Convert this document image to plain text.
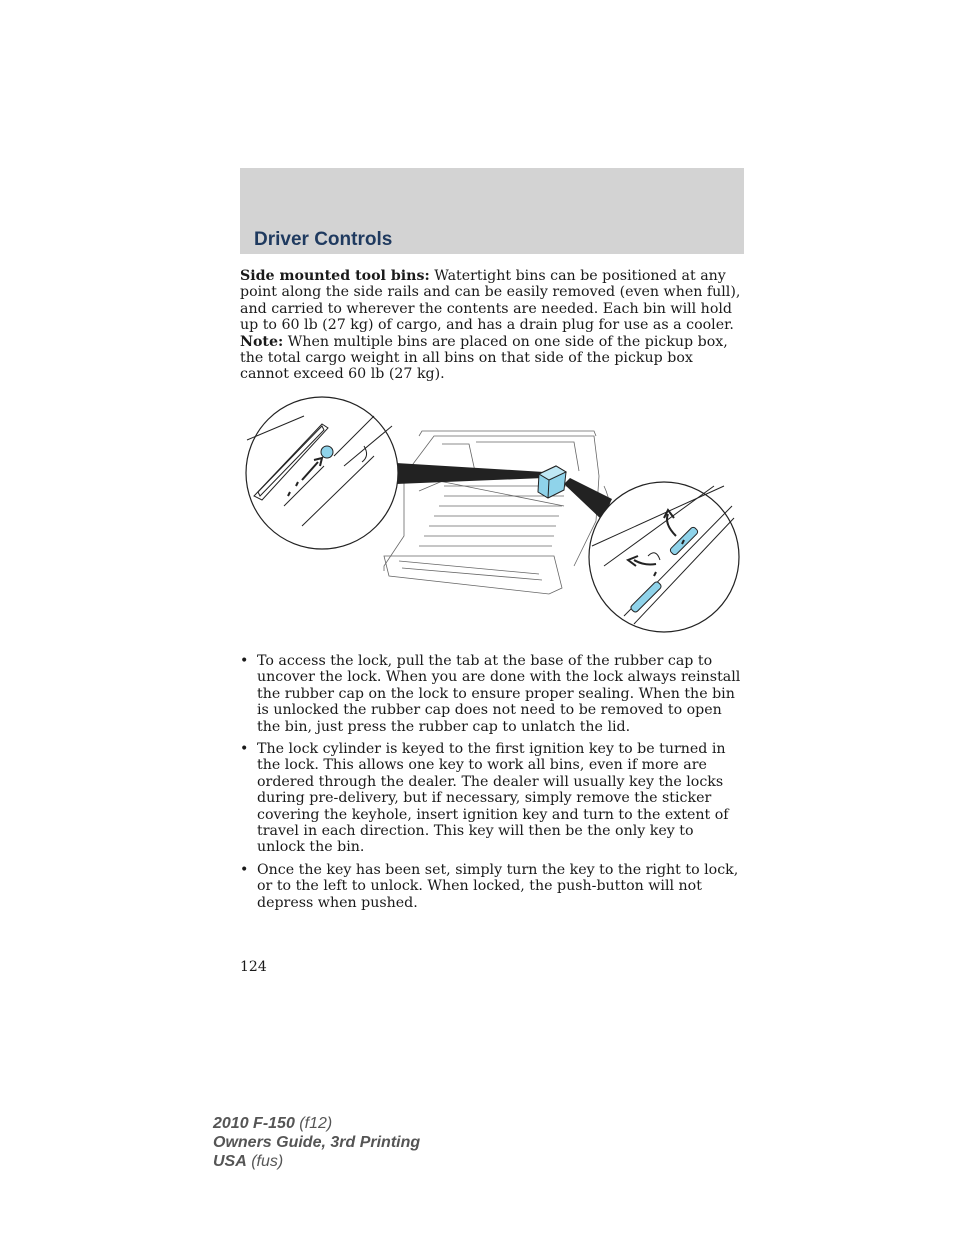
Driver Controls

Side mounted tool bins: Watertight bins can be positioned at any point along the side rails and can be easily removed (even when full), and carried to wherever the contents are needed. Each bin will hold up to 60 lb (27 kg) of cargo, and has a drain plug for use as a cooler. Note: When multiple bins are placed on one side of the pickup box, the total cargo weight in all bins on that side of the pickup box cannot exceed 60 lb (27 kg).

• To access the lock, pull the tab at the base of the rubber cap to uncover the lock. When you are done with the lock always reinstall the rubber cap on the lock to ensure proper sealing. When the bin is unlocked the rubber cap does not need to be removed to open the bin, just press the rubber cap to unlatch the lid.
• The lock cylinder is keyed to the first ignition key to be turned in the lock. This allows one key to work all bins, even if more are ordered through the dealer. The dealer will usually key the locks during pre-delivery, but if necessary, simply remove the sticker covering the keyhole, insert ignition key and turn to the extent of travel in each direction. This key will then be the only key to unlock the bin.
• Once the key has been set, simply turn the key to the right to lock, or to the left to unlock. When locked, the push-button will not depress when pushed.
124
2010 F-150 (f12)
Owners Guide, 3rd Printing
USA (fus)
